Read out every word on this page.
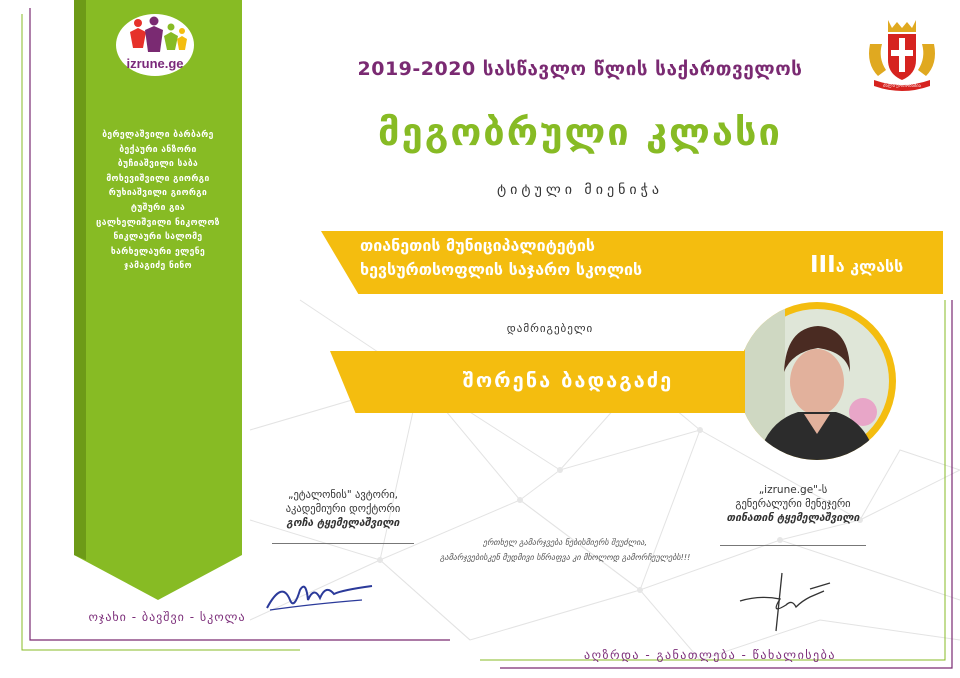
izrune.ge
ბერელაშვილი ბარბარე
ბექაური ანზორი
ბუჩიაშვილი საბა
მოხევიშვილი გიორგი
რუხიაშვილი გიორგი
ტუშური გია
ცალხელიშვილი ნიკოლოზ
ნიკლაური სალომე
ხარხელაური ელენე
ჯამაგიძე ნინო
ოჯახი - ბავშვი - სკოლა
2019-2020 სასწავლო წლის საქართველოს
მეგობრული კლასი
ტიტული მიენიჭა
ძალა ერთობაშია
თიანეთის მუნიციპალიტეტის
ხევსურთსოფლის საჯარო სკოლის	IIIა კლასს
დამრიგებელი
შორენა ბადაგაძე
„ეტალონის" ავტორი,
აკადემიური დოქტორი
გოჩა ტყემელაშვილი
ერთხელ გამარჯვება ნებისმიერს შეუძლია,
გამარჯვებისკენ მუდმივი სწრაფვა კი მხოლოდ გამორჩეულებს!!!
„izrune.ge"-ს
გენერალური მენეჯერი
თინათინ ტყემელაშვილი
აღზრდა - განათლება - წახალისება
